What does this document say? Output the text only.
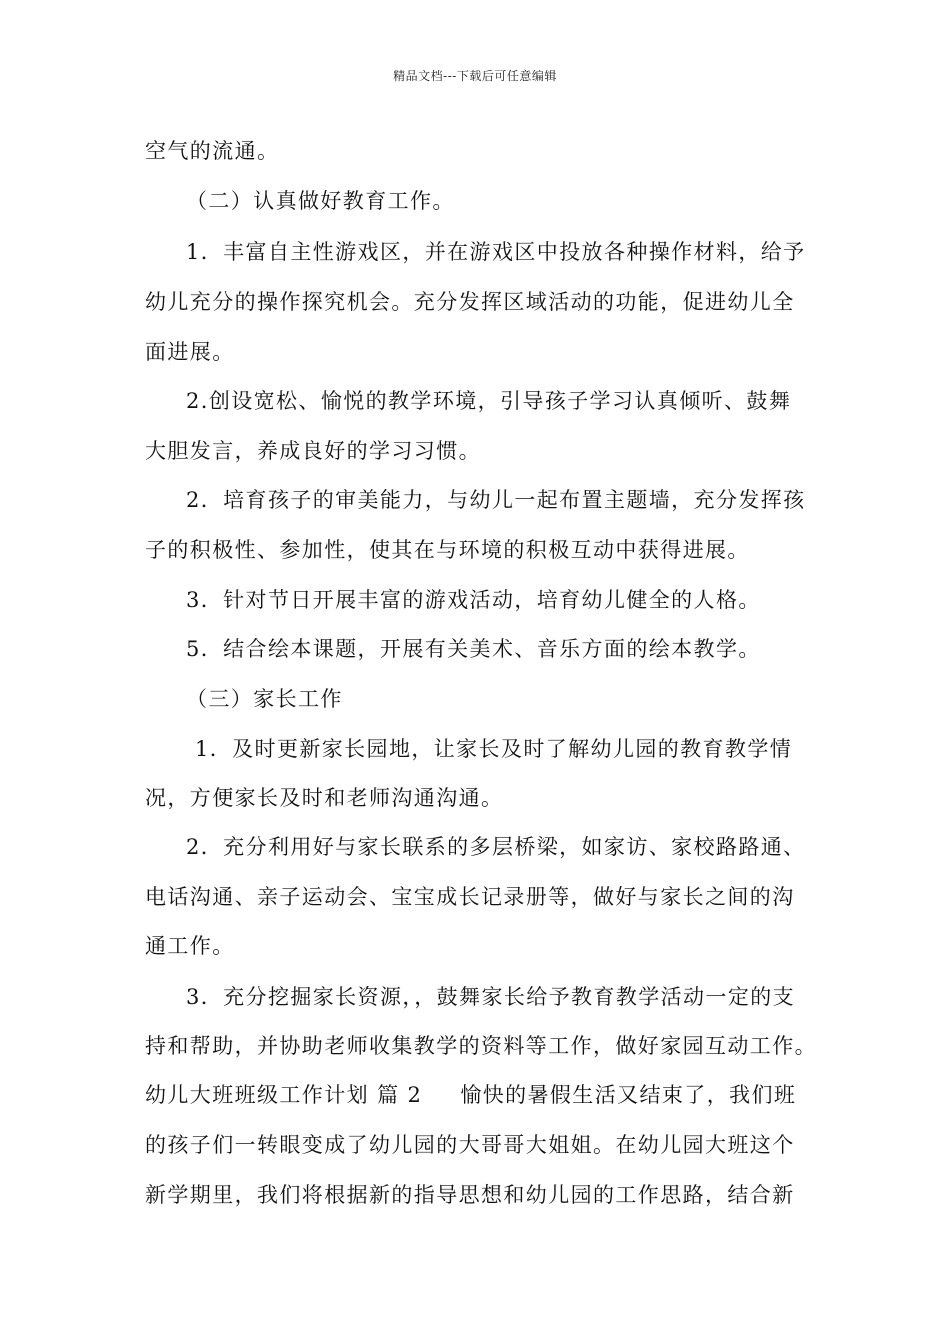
精品文档---下载后可任意编辑
空气的流通。
（二）认真做好教育工作。
1．丰富自主性游戏区，并在游戏区中投放各种操作材料，给予
幼儿充分的操作探究机会。充分发挥区域活动的功能，促进幼儿全
面进展。
2.创设宽松、愉悦的教学环境，引导孩子学习认真倾听、鼓舞
大胆发言，养成良好的学习习惯。
2．培育孩子的审美能力，与幼儿一起布置主题墙，充分发挥孩
子的积极性、参加性，使其在与环境的积极互动中获得进展。
3．针对节日开展丰富的游戏活动，培育幼儿健全的人格。
5．结合绘本课题，开展有关美术、音乐方面的绘本教学。
（三）家长工作
1．及时更新家长园地，让家长及时了解幼儿园的教育教学情
况，方便家长及时和老师沟通沟通。
2．充分利用好与家长联系的多层桥梁，如家访、家校路路通、
电话沟通、亲子运动会、宝宝成长记录册等，做好与家长之间的沟
通工作。
3．充分挖掘家长资源，，鼓舞家长给予教育教学活动一定的支
持和帮助，并协助老师收集教学的资料等工作，做好家园互动工作。
幼儿大班班级工作计划 篇 2 愉快的暑假生活又结束了，我们班
的孩子们一转眼变成了幼儿园的大哥哥大姐姐。在幼儿园大班这个
新学期里，我们将根据新的指导思想和幼儿园的工作思路，结合新
